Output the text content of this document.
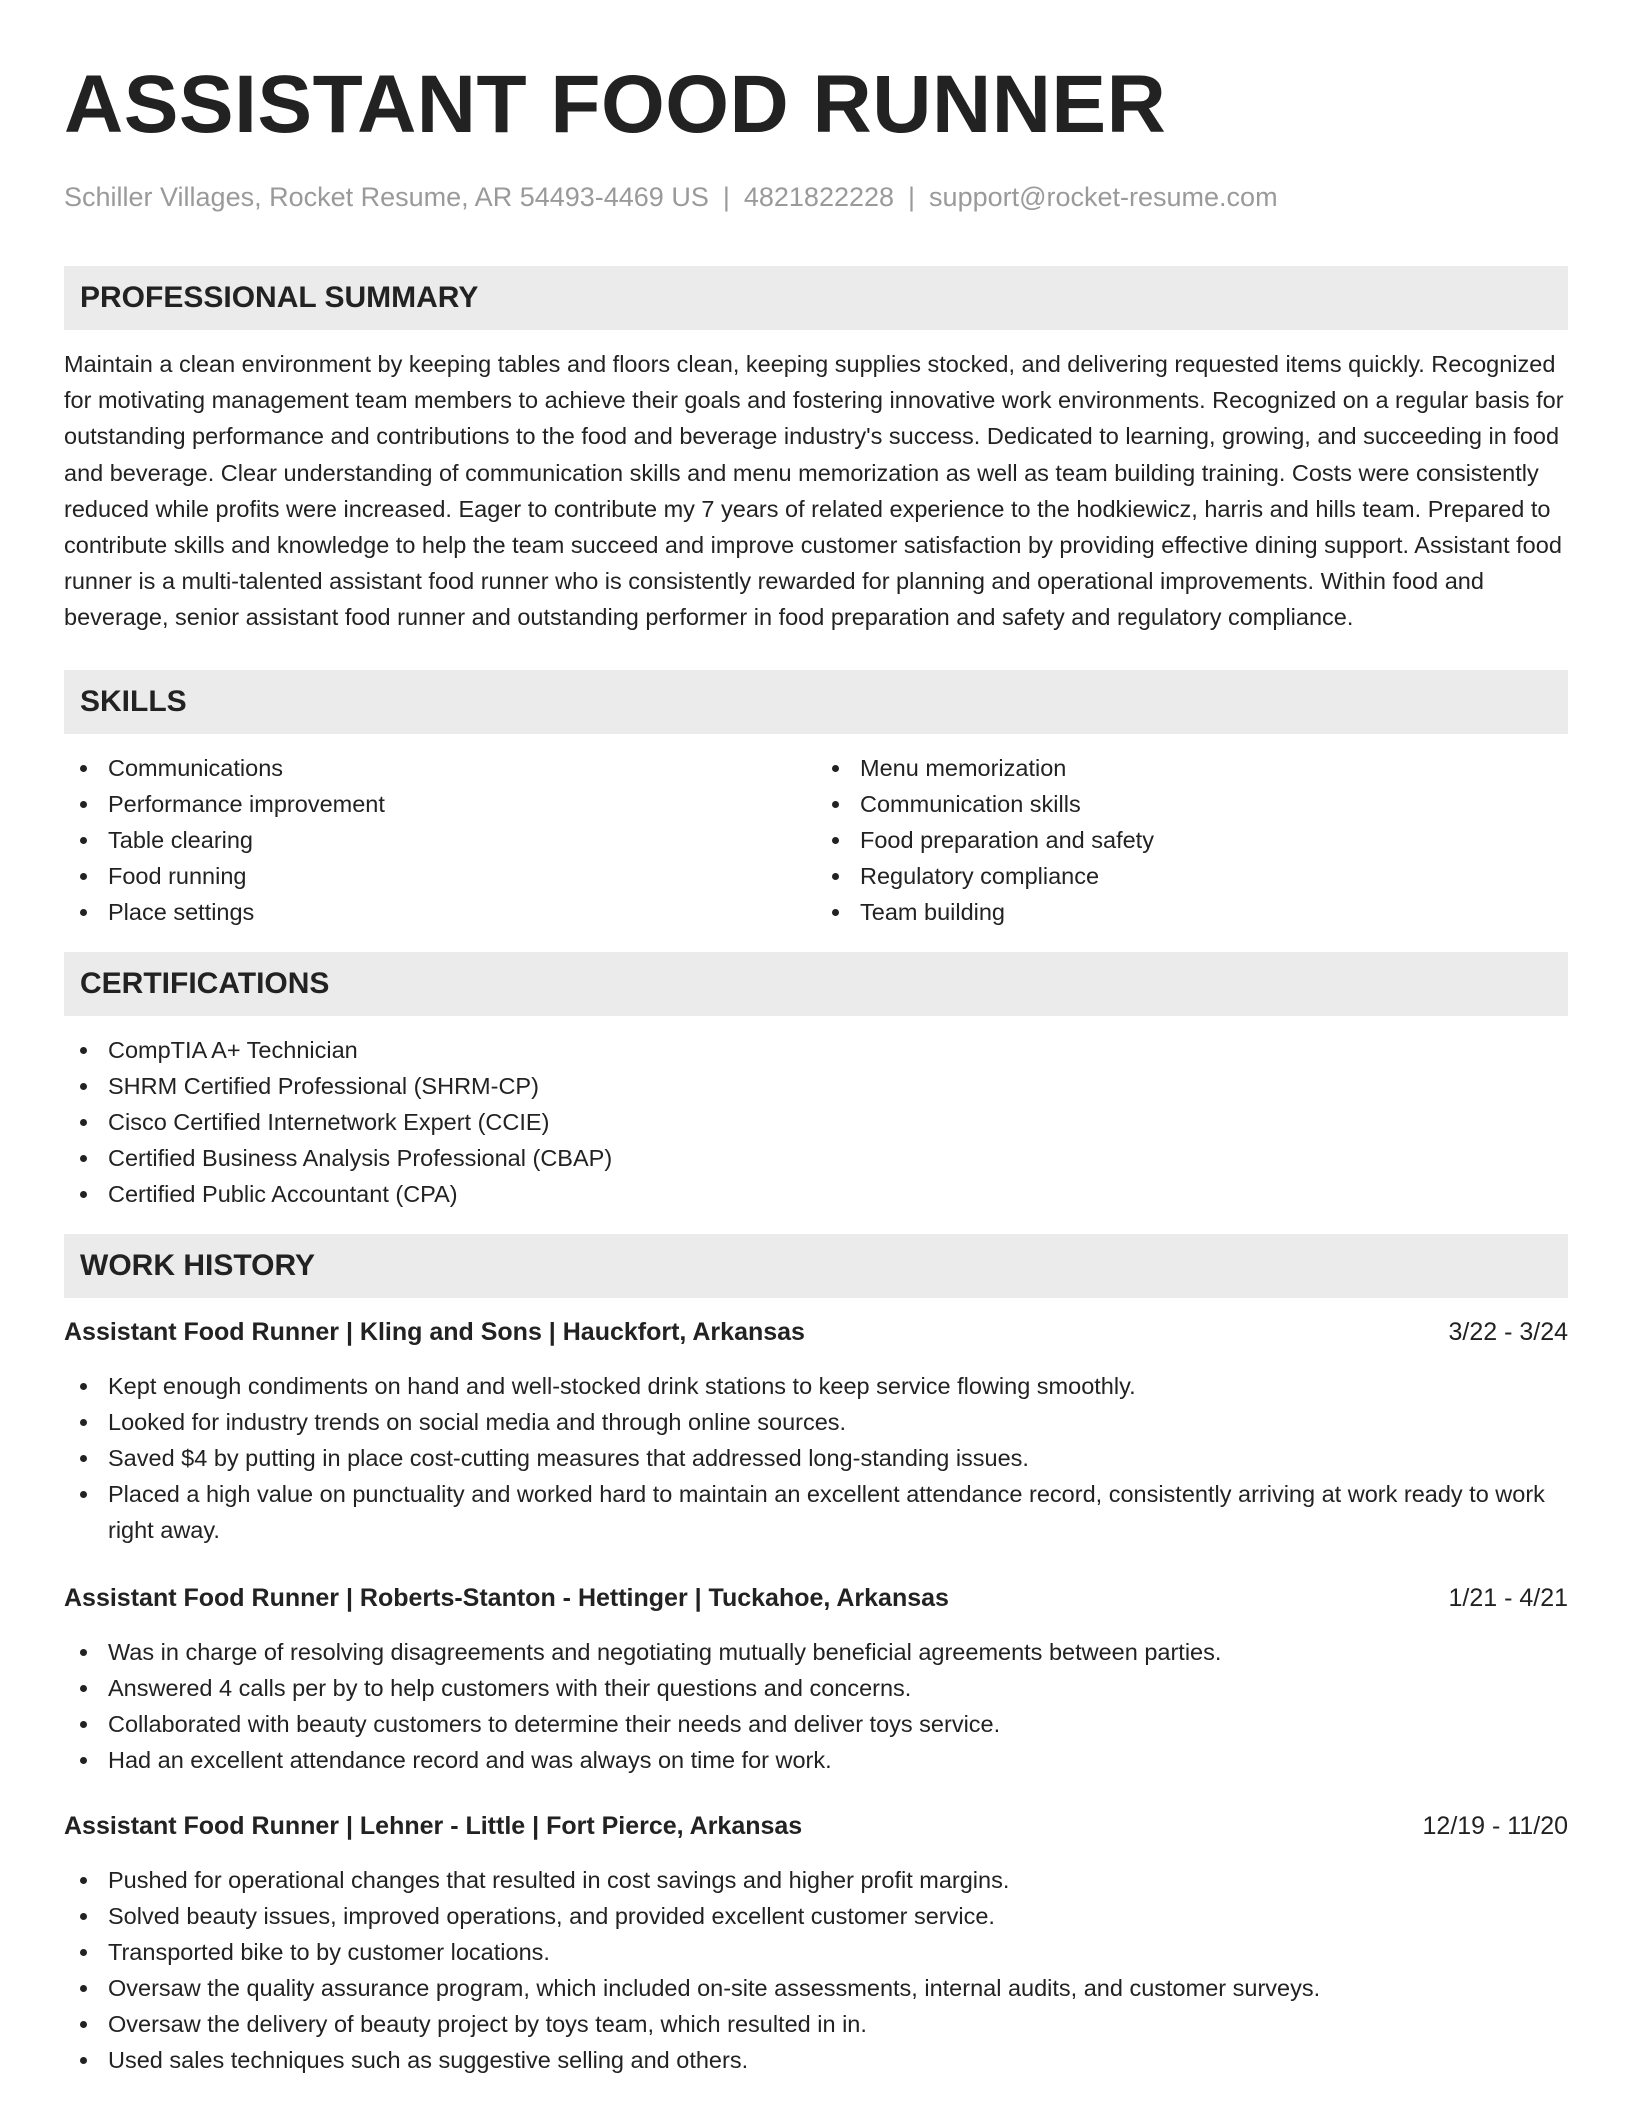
ASSISTANT FOOD RUNNER
Schiller Villages, Rocket Resume, AR 54493-4469 US | 4821822228 | support@rocket-resume.com
PROFESSIONAL SUMMARY
Maintain a clean environment by keeping tables and floors clean, keeping supplies stocked, and delivering requested items quickly. Recognized for motivating management team members to achieve their goals and fostering innovative work environments. Recognized on a regular basis for outstanding performance and contributions to the food and beverage industry's success. Dedicated to learning, growing, and succeeding in food and beverage. Clear understanding of communication skills and menu memorization as well as team building training. Costs were consistently reduced while profits were increased. Eager to contribute my 7 years of related experience to the hodkiewicz, harris and hills team. Prepared to contribute skills and knowledge to help the team succeed and improve customer satisfaction by providing effective dining support. Assistant food runner is a multi-talented assistant food runner who is consistently rewarded for planning and operational improvements. Within food and beverage, senior assistant food runner and outstanding performer in food preparation and safety and regulatory compliance.
SKILLS
Communications
Performance improvement
Table clearing
Food running
Place settings
Menu memorization
Communication skills
Food preparation and safety
Regulatory compliance
Team building
CERTIFICATIONS
CompTIA A+ Technician
SHRM Certified Professional (SHRM-CP)
Cisco Certified Internetwork Expert (CCIE)
Certified Business Analysis Professional (CBAP)
Certified Public Accountant (CPA)
WORK HISTORY
Assistant Food Runner | Kling and Sons | Hauckfort, Arkansas	3/22 - 3/24
Kept enough condiments on hand and well-stocked drink stations to keep service flowing smoothly.
Looked for industry trends on social media and through online sources.
Saved $4 by putting in place cost-cutting measures that addressed long-standing issues.
Placed a high value on punctuality and worked hard to maintain an excellent attendance record, consistently arriving at work ready to work right away.
Assistant Food Runner | Roberts-Stanton - Hettinger | Tuckahoe, Arkansas	1/21 - 4/21
Was in charge of resolving disagreements and negotiating mutually beneficial agreements between parties.
Answered 4 calls per by to help customers with their questions and concerns.
Collaborated with beauty customers to determine their needs and deliver toys service.
Had an excellent attendance record and was always on time for work.
Assistant Food Runner | Lehner - Little | Fort Pierce, Arkansas	12/19 - 11/20
Pushed for operational changes that resulted in cost savings and higher profit margins.
Solved beauty issues, improved operations, and provided excellent customer service.
Transported bike to by customer locations.
Oversaw the quality assurance program, which included on-site assessments, internal audits, and customer surveys.
Oversaw the delivery of beauty project by toys team, which resulted in in.
Used sales techniques such as suggestive selling and others.
